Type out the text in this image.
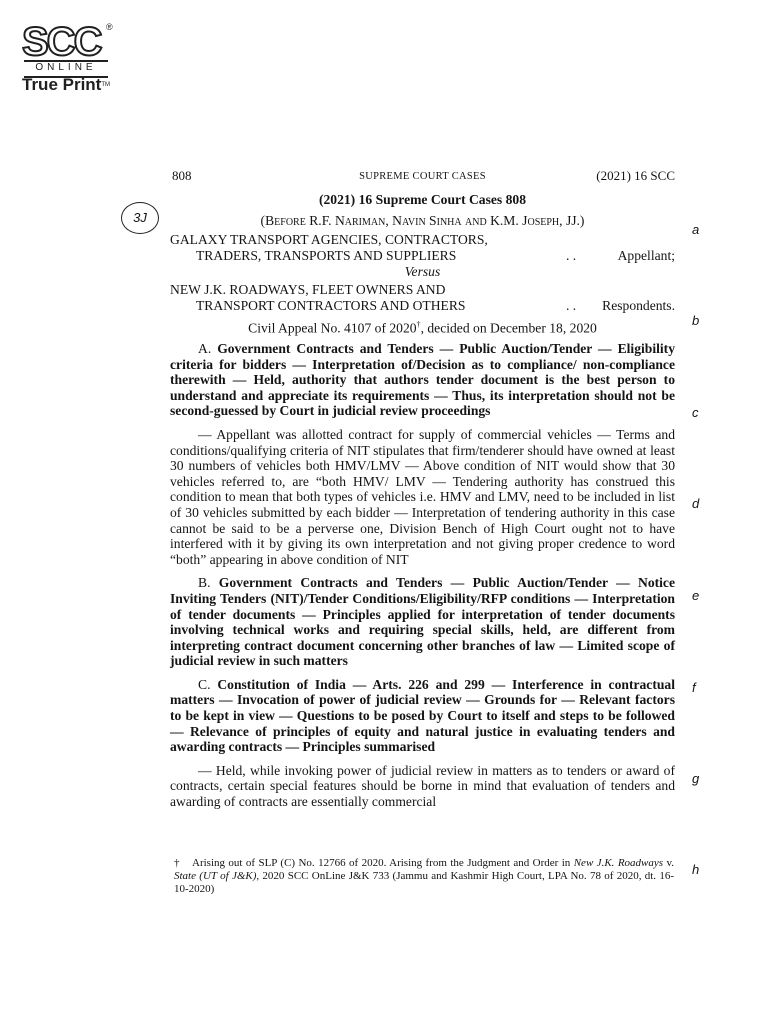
SCC ®
ONLINE
True Print™
3J
a
b
c
d
e
f
g
h
808	SUPREME COURT CASES	(2021) 16 SCC
(2021) 16 Supreme Court Cases 808
(Before R.F. Nariman, Navin Sinha and K.M. Joseph, JJ.)
GALAXY TRANSPORT AGENCIES, CONTRACTORS,
TRADERS, TRANSPORTS AND SUPPLIERS	. .	Appellant;
Versus
NEW J.K. ROADWAYS, FLEET OWNERS AND
TRANSPORT CONTRACTORS AND OTHERS	. . Respondents.
Civil Appeal No. 4107 of 2020†, decided on December 18, 2020

A. Government Contracts and Tenders — Public Auction/Tender — Eligibility criteria for bidders — Interpretation of/Decision as to compliance/ non-compliance therewith — Held, authority that authors tender document is the best person to understand and appreciate its requirements — Thus, its interpretation should not be second-guessed by Court in judicial review proceedings

— Appellant was allotted contract for supply of commercial vehicles — Terms and conditions/qualifying criteria of NIT stipulates that firm/tenderer should have owned at least 30 numbers of vehicles both HMV/LMV — Above condition of NIT would show that 30 vehicles referred to, are “both HMV/ LMV — Tendering authority has construed this condition to mean that both types of vehicles i.e. HMV and LMV, need to be included in list of 30 vehicles submitted by each bidder — Interpretation of tendering authority in this case cannot be said to be a perverse one, Division Bench of High Court ought not to have interfered with it by giving its own interpretation and not giving proper credence to word “both” appearing in above condition of NIT

B. Government Contracts and Tenders — Public Auction/Tender — Notice Inviting Tenders (NIT)/Tender Conditions/Eligibility/RFP conditions — Interpretation of tender documents — Principles applied for interpretation of tender documents involving technical works and requiring special skills, held, are different from interpreting contract document concerning other branches of law — Limited scope of judicial review in such matters

C. Constitution of India — Arts. 226 and 299 — Interference in contractual matters — Invocation of power of judicial review — Grounds for — Relevant factors to be kept in view — Questions to be posed by Court to itself and steps to be followed — Relevance of principles of equity and natural justice in evaluating tenders and awarding contracts — Principles summarised

— Held, while invoking power of judicial review in matters as to tenders or award of contracts, certain special features should be borne in mind that evaluation of tenders and awarding of contracts are essentially commercial

† Arising out of SLP (C) No. 12766 of 2020. Arising from the Judgment and Order in New J.K. Roadways v. State (UT of J&K), 2020 SCC OnLine J&K 733 (Jammu and Kashmir High Court, LPA No. 78 of 2020, dt. 16-10-2020)
